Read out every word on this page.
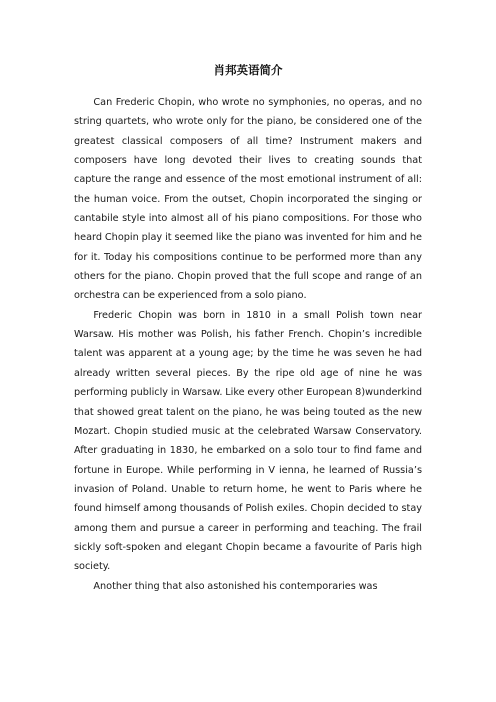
肖邦英语简介

Can Frederic Chopin, who wrote no symphonies, no operas, and no string quartets, who wrote only for the piano, be considered one of the greatest classical composers of all time? Instrument makers and composers have long devoted their lives to creating sounds that capture the range and essence of the most emotional instrument of all: the human voice. From the outset, Chopin incorporated the singing or cantabile style into almost all of his piano compositions. For those who heard Chopin play it seemed like the piano was invented for him and he for it. Today his compositions continue to be performed more than any others for the piano. Chopin proved that the full scope and range of an orchestra can be experienced from a solo piano.

Frederic Chopin was born in 1810 in a small Polish town near Warsaw. His mother was Polish, his father French. Chopin’s incredible talent was apparent at a young age; by the time he was seven he had already written several pieces. By the ripe old age of nine he was performing publicly in Warsaw. Like every other European 8)wunderkind that showed great talent on the piano, he was being touted as the new Mozart. Chopin studied music at the celebrated Warsaw Conservatory. After graduating in 1830, he embarked on a solo tour to find fame and fortune in Europe. While performing in V ienna, he learned of Russia’s invasion of Poland. Unable to return home, he went to Paris where he found himself among thousands of Polish exiles. Chopin decided to stay among them and pursue a career in performing and teaching. The frail sickly soft-spoken and elegant Chopin became a favourite of Paris high society.

Another thing that also astonished his contemporaries was
